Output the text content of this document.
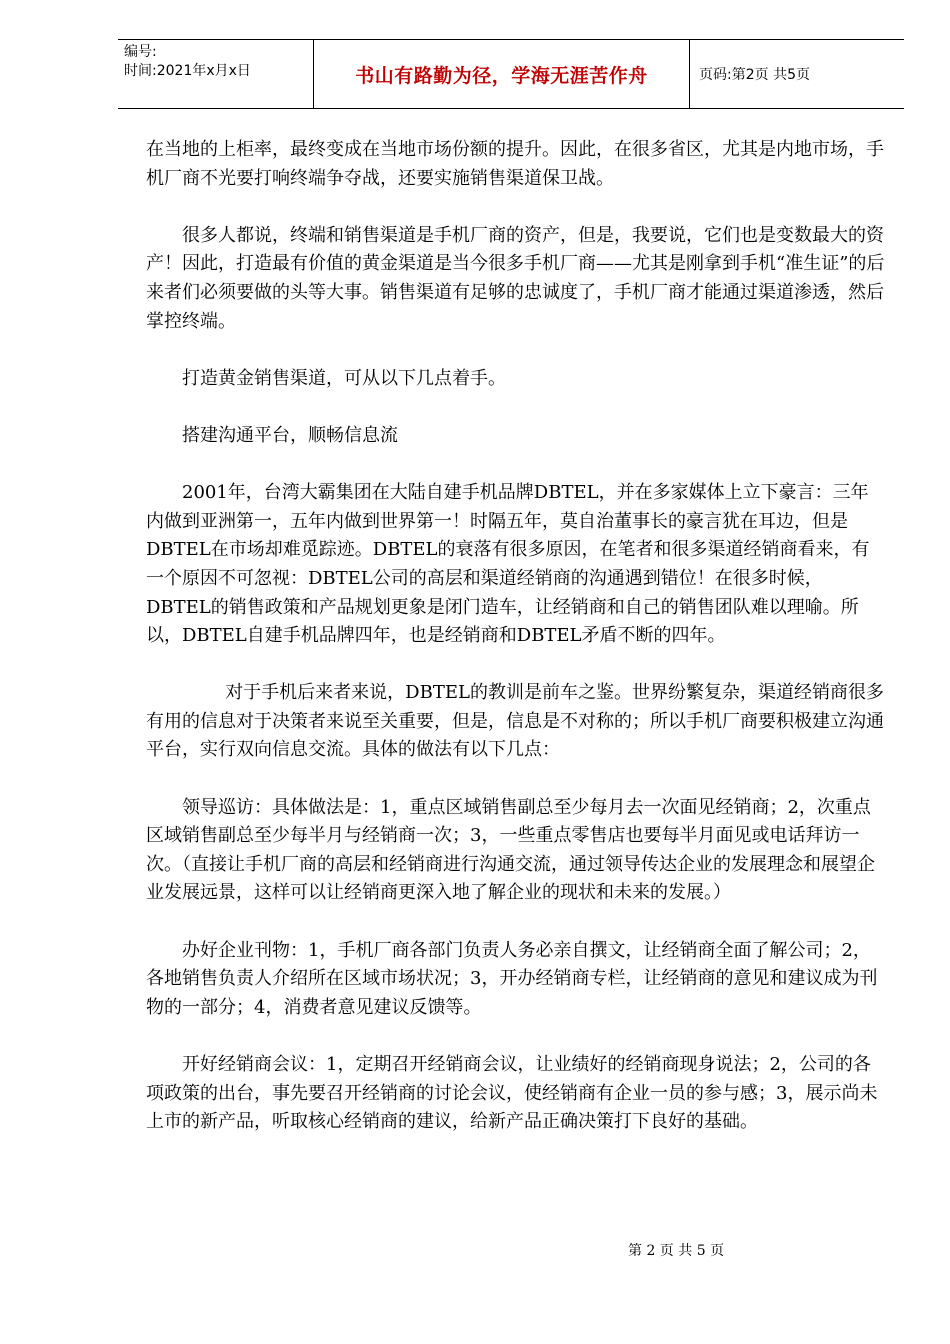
编号:
时间:2021年x月x日	书山有路勤为径，学海无涯苦作舟	页码:第2页 共5页

在当地的上柜率，最终变成在当地市场份额的提升。因此，在很多省区，尤其是内地市场，手机厂商不光要打响终端争夺战，还要实施销售渠道保卫战。

很多人都说，终端和销售渠道是手机厂商的资产，但是，我要说，它们也是变数最大的资产！因此，打造最有价值的黄金渠道是当今很多手机厂商——尤其是刚拿到手机“准生证”的后来者们必须要做的头等大事。销售渠道有足够的忠诚度了，手机厂商才能通过渠道渗透，然后掌控终端。

打造黄金销售渠道，可从以下几点着手。

搭建沟通平台，顺畅信息流

2001年，台湾大霸集团在大陆自建手机品牌DBTEL，并在多家媒体上立下豪言：三年内做到亚洲第一，五年内做到世界第一！时隔五年，莫自治董事长的豪言犹在耳边，但是DBTEL在市场却难觅踪迹。DBTEL的衰落有很多原因，在笔者和很多渠道经销商看来，有一个原因不可忽视：DBTEL公司的高层和渠道经销商的沟通遇到错位！在很多时候，DBTEL的销售政策和产品规划更象是闭门造车，让经销商和自己的销售团队难以理喻。所以，DBTEL自建手机品牌四年，也是经销商和DBTEL矛盾不断的四年。

对于手机后来者来说，DBTEL的教训是前车之鉴。世界纷繁复杂，渠道经销商很多有用的信息对于决策者来说至关重要，但是，信息是不对称的；所以手机厂商要积极建立沟通平台，实行双向信息交流。具体的做法有以下几点：

领导巡访：具体做法是：1，重点区域销售副总至少每月去一次面见经销商；2，次重点区域销售副总至少每半月与经销商一次；3，一些重点零售店也要每半月面见或电话拜访一次。（直接让手机厂商的高层和经销商进行沟通交流，通过领导传达企业的发展理念和展望企业发展远景，这样可以让经销商更深入地了解企业的现状和未来的发展。）

办好企业刊物：1，手机厂商各部门负责人务必亲自撰文，让经销商全面了解公司；2，各地销售负责人介绍所在区域市场状况；3，开办经销商专栏，让经销商的意见和建议成为刊物的一部分；4，消费者意见建议反馈等。

开好经销商会议：1，定期召开经销商会议，让业绩好的经销商现身说法；2，公司的各项政策的出台，事先要召开经销商的讨论会议，使经销商有企业一员的参与感；3，展示尚未上市的新产品，听取核心经销商的建议，给新产品正确决策打下良好的基础。

第 2 页 共 5 页
